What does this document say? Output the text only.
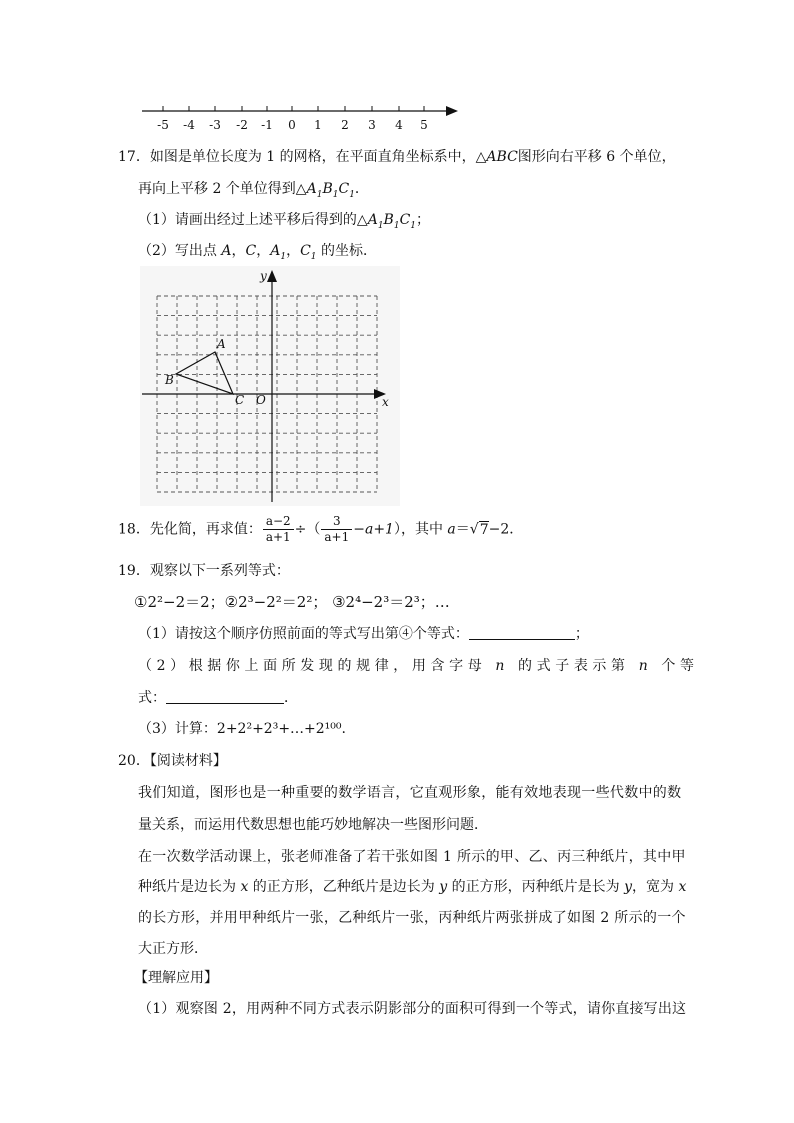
-5 -4 -3 -2 -1 0 1 2 3 4 5
17．如图是单位长度为 1 的网格，在平面直角坐标系中，△ABC图形向右平移 6 个单位，
再向上平移 2 个单位得到$\triangle A_1B_1C_1$．
（1）请画出经过上述平移后得到的$\triangle A_1B_1C_1$；
（2）写出点 A，C，$A_1$，$C_1$ 的坐标．
y
x
A
B
C O
18．先化简，再求值： $\frac{a-2}{a+1}$ ÷（ $\frac{3}{a+1} -a+1$），其中 a＝√7−2．
19．观察以下一系列等式：
①2²−2＝2；②2³−2²＝2²； ③2⁴−2³＝2³；…
（1）请按这个顺序仿照前面的等式写出第④个等式：	；
（2）根据你上面所发现的规律，用含字母 n 的式子表示第 n 个等
式：	．
（3）计算：2+2²+2³+…+2¹⁰⁰.
20．【阅读材料】
我们知道，图形也是一种重要的数学语言，它直观形象，能有效地表现一些代数中的数
量关系，而运用代数思想也能巧妙地解决一些图形问题．
在一次数学活动课上，张老师准备了若干张如图 1 所示的甲、乙、丙三种纸片，其中甲
种纸片是边长为 x 的正方形，乙种纸片是边长为 y 的正方形，丙种纸片是长为 y，宽为 x
的长方形，并用甲种纸片一张，乙种纸片一张，丙种纸片两张拼成了如图 2 所示的一个
大正方形．
【理解应用】
（1）观察图 2，用两种不同方式表示阴影部分的面积可得到一个等式，请你直接写出这
